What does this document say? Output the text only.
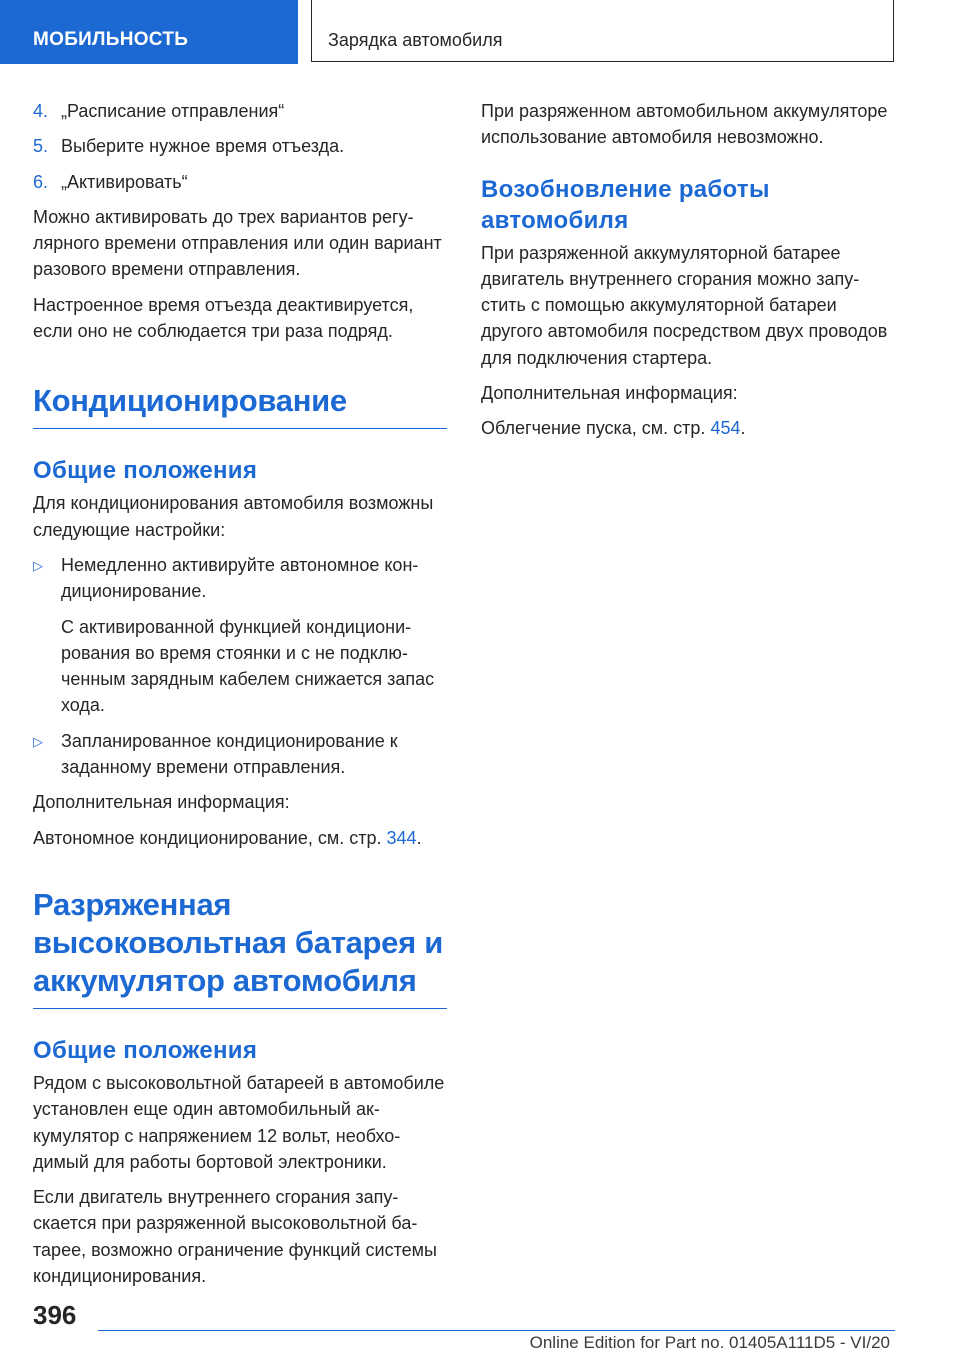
МОБИЛЬНОСТЬ	Зарядка автомобиля
4. „Расписание отправления“
5. Выберите нужное время отъезда.
6. „Активировать“

Можно активировать до трех вариантов регулярного времени отправления или один вариант разового времени отправления.

Настроенное время отъезда деактивируется, если оно не соблюдается три раза подряд.

Кондиционирование
Общие положения

Для кондиционирования автомобиля возможны следующие настройки:

▷	Немедленно активируйте автономное кондиционирование.

С активированной функцией кондиционирования во время стоянки и с не подключенным зарядным кабелем снижается запас хода.

▷	Запланированное кондиционирование к заданному времени отправления.

Дополнительная информация:

Автономное кондиционирование, см. стр. 344.

Разряженная высоковольтная батарея и аккумулятор автомобиля
Общие положения

Рядом с высоковольтной батареей в автомобиле установлен еще один автомобильный аккумулятор с напряжением 12 вольт, необходимый для работы бортовой электроники.

Если двигатель внутреннего сгорания запускается при разряженной высоковольтной батарее, возможно ограничение функций системы кондиционирования.

При разряженном автомобильном аккумуляторе использование автомобиля невозможно.

Возобновление работы автомобиля

При разряженной аккумуляторной батарее двигатель внутреннего сгорания можно запустить с помощью аккумуляторной батареи другого автомобиля посредством двух проводов для подключения стартера.

Дополнительная информация:

Облегчение пуска, см. стр. 454.

396
Online Edition for Part no. 01405A111D5 - VI/20
